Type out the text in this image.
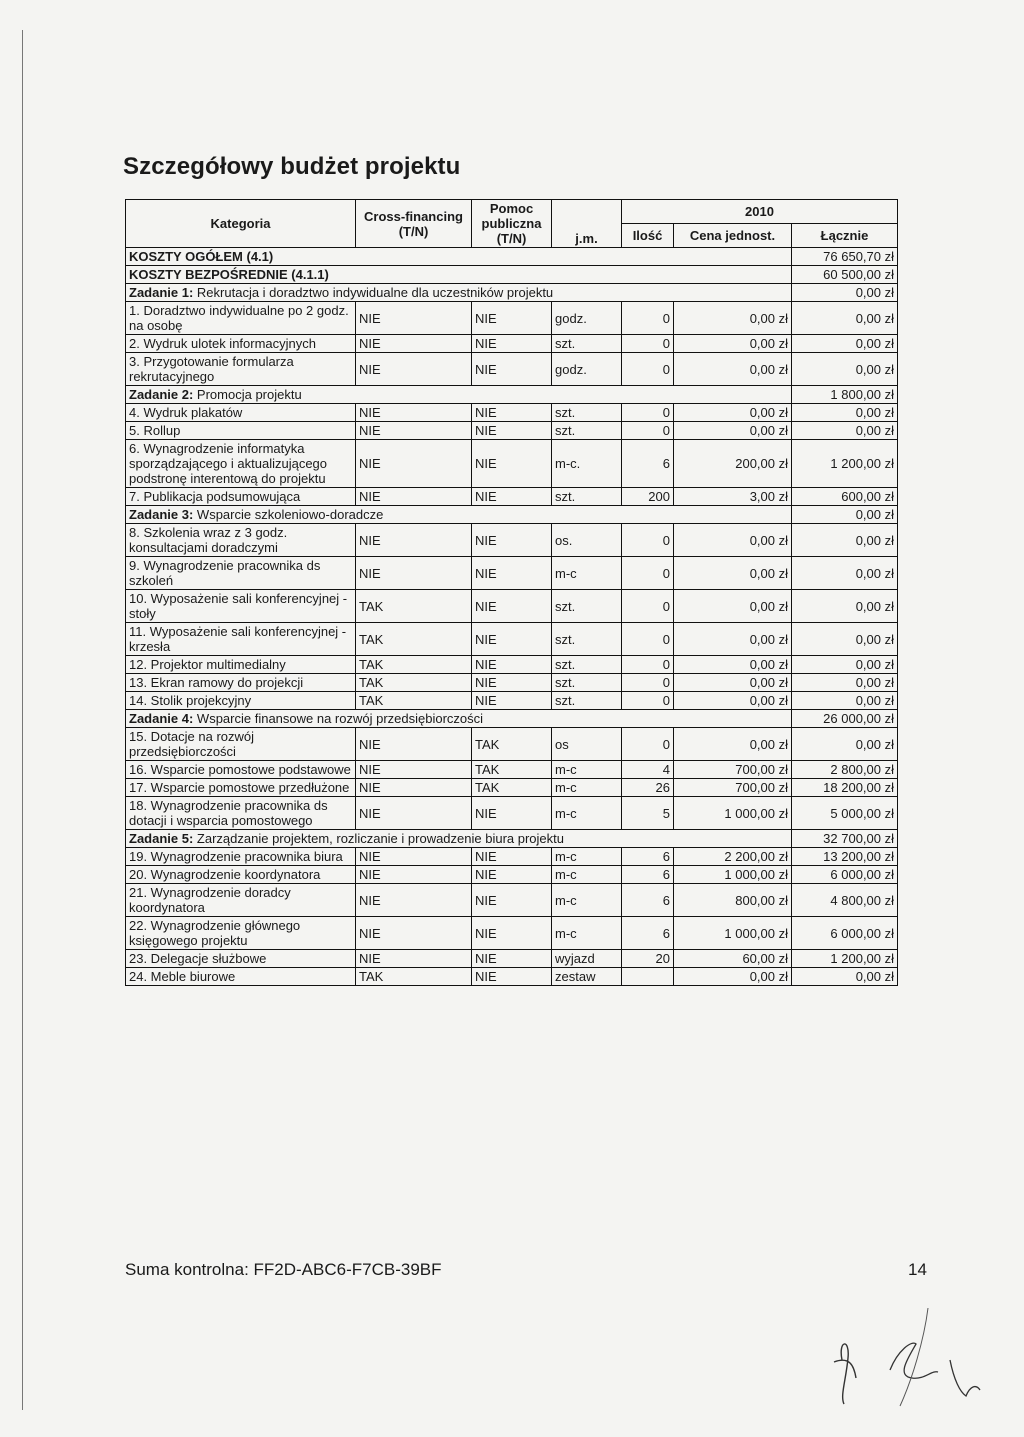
Szczegółowy budżet projektu
Kategoria	Cross-financing (T/N)	Pomoc publiczna (T/N)	j.m.	2010		
				Ilość	Cena jednost.	Łącznie
KOSZTY OGÓŁEM (4.1)						76 650,70 zł
KOSZTY BEZPOŚREDNIE (4.1.1)						60 500,00 zł
Zadanie 1: Rekrutacja i doradztwo indywidualne dla uczestników projektu						0,00 zł
1. Doradztwo indywidualne po 2 godz. na osobę	NIE	NIE	godz.	0	0,00 zł	0,00 zł
2. Wydruk ulotek informacyjnych	NIE	NIE	szt.	0	0,00 zł	0,00 zł
3. Przygotowanie formularza rekrutacyjnego	NIE	NIE	godz.	0	0,00 zł	0,00 zł
Zadanie 2: Promocja projektu						1 800,00 zł
4. Wydruk plakatów	NIE	NIE	szt.	0	0,00 zł	0,00 zł
5. Rollup	NIE	NIE	szt.	0	0,00 zł	0,00 zł
6. Wynagrodzenie informatyka sporządzającego i aktualizującego podstronę interentową do projektu	NIE	NIE	m-c.	6	200,00 zł	1 200,00 zł
7. Publikacja podsumowująca	NIE	NIE	szt.	200	3,00 zł	600,00 zł
Zadanie 3: Wsparcie szkoleniowo-doradcze						0,00 zł
8. Szkolenia wraz z 3 godz. konsultacjami doradczymi	NIE	NIE	os.	0	0,00 zł	0,00 zł
9. Wynagrodzenie pracownika ds szkoleń	NIE	NIE	m-c	0	0,00 zł	0,00 zł
10. Wyposażenie sali konferencyjnej - stoły	TAK	NIE	szt.	0	0,00 zł	0,00 zł
11. Wyposażenie sali konferencyjnej - krzesła	TAK	NIE	szt.	0	0,00 zł	0,00 zł
12. Projektor multimedialny	TAK	NIE	szt.	0	0,00 zł	0,00 zł
13. Ekran ramowy do projekcji	TAK	NIE	szt.	0	0,00 zł	0,00 zł
14. Stolik projekcyjny	TAK	NIE	szt.	0	0,00 zł	0,00 zł
Zadanie 4: Wsparcie finansowe na rozwój przedsiębiorczości						26 000,00 zł
15. Dotacje na rozwój przedsiębiorczości	NIE	TAK	os	0	0,00 zł	0,00 zł
16. Wsparcie pomostowe podstawowe	NIE	TAK	m-c	4	700,00 zł	2 800,00 zł
17. Wsparcie pomostowe przedłużone	NIE	TAK	m-c	26	700,00 zł	18 200,00 zł
18. Wynagrodzenie pracownika ds dotacji i wsparcia pomostowego	NIE	NIE	m-c	5	1 000,00 zł	5 000,00 zł
Zadanie 5: Zarządzanie projektem, rozliczanie i prowadzenie biura projektu						32 700,00 zł
19. Wynagrodzenie pracownika biura	NIE	NIE	m-c	6	2 200,00 zł	13 200,00 zł
20. Wynagrodzenie koordynatora	NIE	NIE	m-c	6	1 000,00 zł	6 000,00 zł
21. Wynagrodzenie doradcy koordynatora	NIE	NIE	m-c	6	800,00 zł	4 800,00 zł
22. Wynagrodzenie głównego księgowego projektu	NIE	NIE	m-c	6	1 000,00 zł	6 000,00 zł
23. Delegacje służbowe	NIE	NIE	wyjazd	20	60,00 zł	1 200,00 zł
24. Meble biurowe	TAK	NIE	zestaw		0,00 zł	0,00 zł
Suma kontrolna: FF2D-ABC6-F7CB-39BF	14
